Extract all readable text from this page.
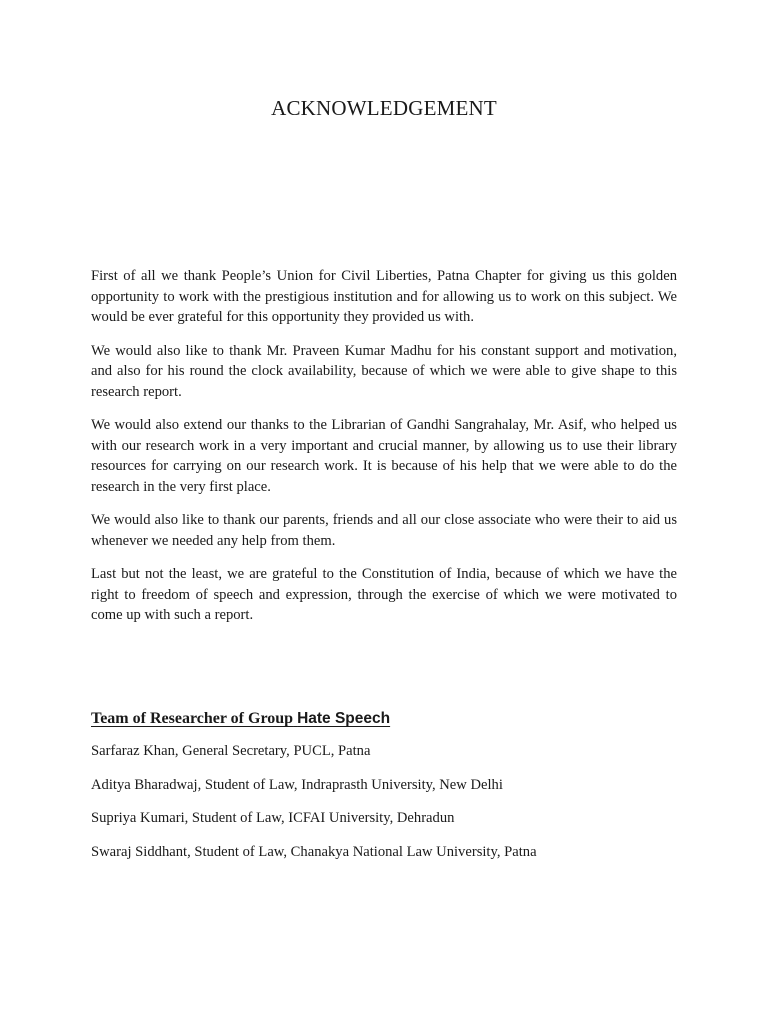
ACKNOWLEDGEMENT

First of all we thank People’s Union for Civil Liberties, Patna Chapter for giving us this golden opportunity to work with the prestigious institution and for allowing us to work on this subject. We would be ever grateful for this opportunity they provided us with.

We would also like to thank Mr. Praveen Kumar Madhu for his constant support and motivation, and also for his round the clock availability, because of which we were able to give shape to this research report.

We would also extend our thanks to the Librarian of Gandhi Sangrahalay, Mr. Asif, who helped us with our research work in a very important and crucial manner, by allowing us to use their library resources for carrying on our research work. It is because of his help that we were able to do the research in the very first place.

We would also like to thank our parents, friends and all our close associate who were their to aid us whenever we needed any help from them.

Last but not the least, we are grateful to the Constitution of India, because of which we have the right to freedom of speech and expression, through the exercise of which we were motivated to come up with such a report.

Team of Researcher of Group Hate Speech

Sarfaraz Khan, General Secretary, PUCL, Patna

Aditya Bharadwaj, Student of Law, Indraprasth University, New Delhi

Supriya Kumari, Student of Law, ICFAI University, Dehradun

Swaraj Siddhant, Student of Law, Chanakya National Law University, Patna
